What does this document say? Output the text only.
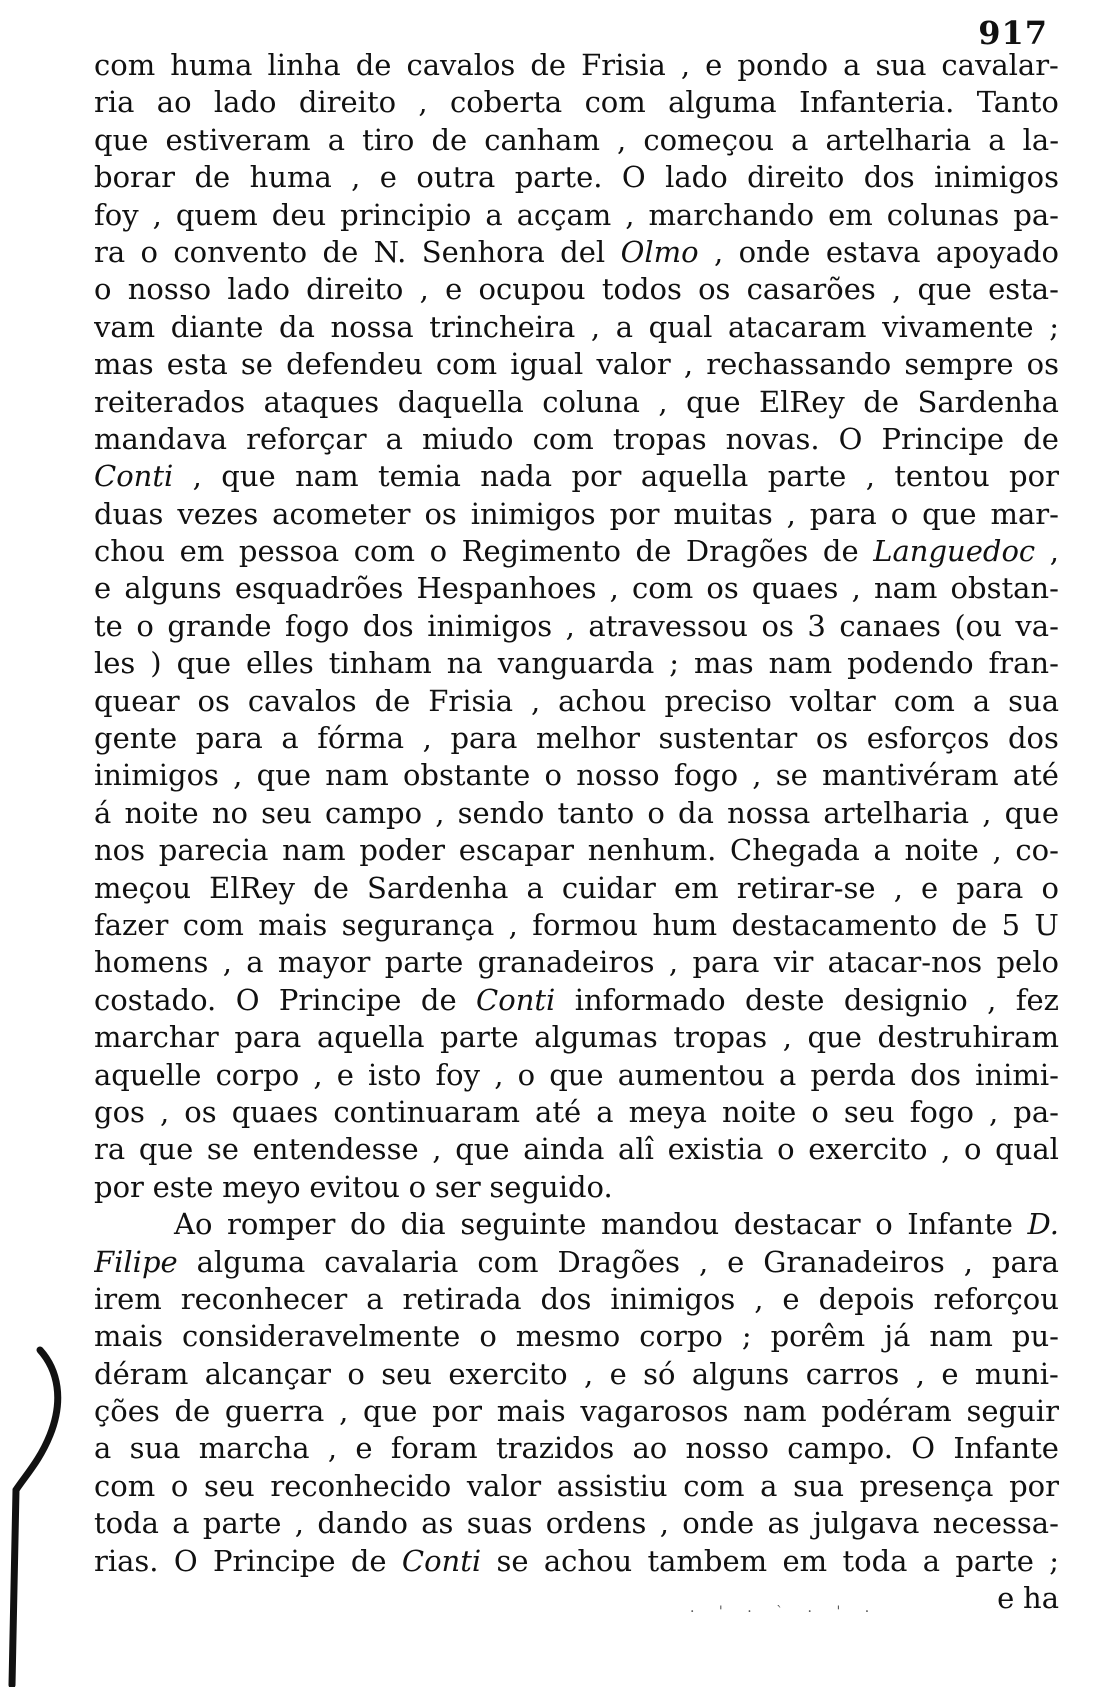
917
com huma linha de cavalos de Frisia , e pondo a sua cavalar-
ria ao lado direito , coberta com alguma Infanteria. Tanto
que estiveram a tiro de canham , começou a artelharia a la-
borar de huma , e outra parte. O lado direito dos inimigos
foy , quem deu principio a acçam , marchando em colunas pa-
ra o convento de N. Senhora del Olmo , onde estava apoyado
o nosso lado direito , e ocupou todos os casarões , que esta-
vam diante da nossa trincheira , a qual atacaram vivamente ;
mas esta se defendeu com igual valor , rechassando sempre os
reiterados ataques daquella coluna , que ElRey de Sardenha
mandava reforçar a miudo com tropas novas. O Principe de
Conti , que nam temia nada por aquella parte , tentou por
duas vezes acometer os inimigos por muitas , para o que mar-
chou em pessoa com o Regimento de Dragões de Languedoc ,
e alguns esquadrões Hespanhoes , com os quaes , nam obstan-
te o grande fogo dos inimigos , atravessou os 3 canaes (ou va-
les ) que elles tinham na vanguarda ; mas nam podendo fran-
quear os cavalos de Frisia , achou preciso voltar com a sua
gente para a fórma , para melhor sustentar os esforços dos
inimigos , que nam obstante o nosso fogo , se mantivéram até
á noite no seu campo , sendo tanto o da nossa artelharia , que
nos parecia nam poder escapar nenhum. Chegada a noite , co-
meçou ElRey de Sardenha a cuidar em retirar-se , e para o
fazer com mais segurança , formou hum destacamento de 5 U
homens , a mayor parte granadeiros , para vir atacar-nos pelo
costado. O Principe de Conti informado deste designio , fez
marchar para aquella parte algumas tropas , que destruhiram
aquelle corpo , e isto foy , o que aumentou a perda dos inimi-
gos , os quaes continuaram até a meya noite o seu fogo , pa-
ra que se entendesse , que ainda alî existia o exercito , o qual
por este meyo evitou o ser seguido.
Ao romper do dia seguinte mandou destacar o Infante D.
Filipe alguma cavalaria com Dragões , e Granadeiros , para
irem reconhecer a retirada dos inimigos , e depois reforçou
mais consideravelmente o mesmo corpo ; porêm já nam pu-
déram alcançar o seu exercito , e só alguns carros , e muni-
ções de guerra , que por mais vagarosos nam podéram seguir
a sua marcha , e foram trazidos ao nosso campo. O Infante
com o seu reconhecido valor assistiu com a sua presença por
toda a parte , dando as suas ordens , onde as julgava necessa-
rias. O Principe de Conti se achou tambem em toda a parte ;
e ha
· ' · ` · ' ·
